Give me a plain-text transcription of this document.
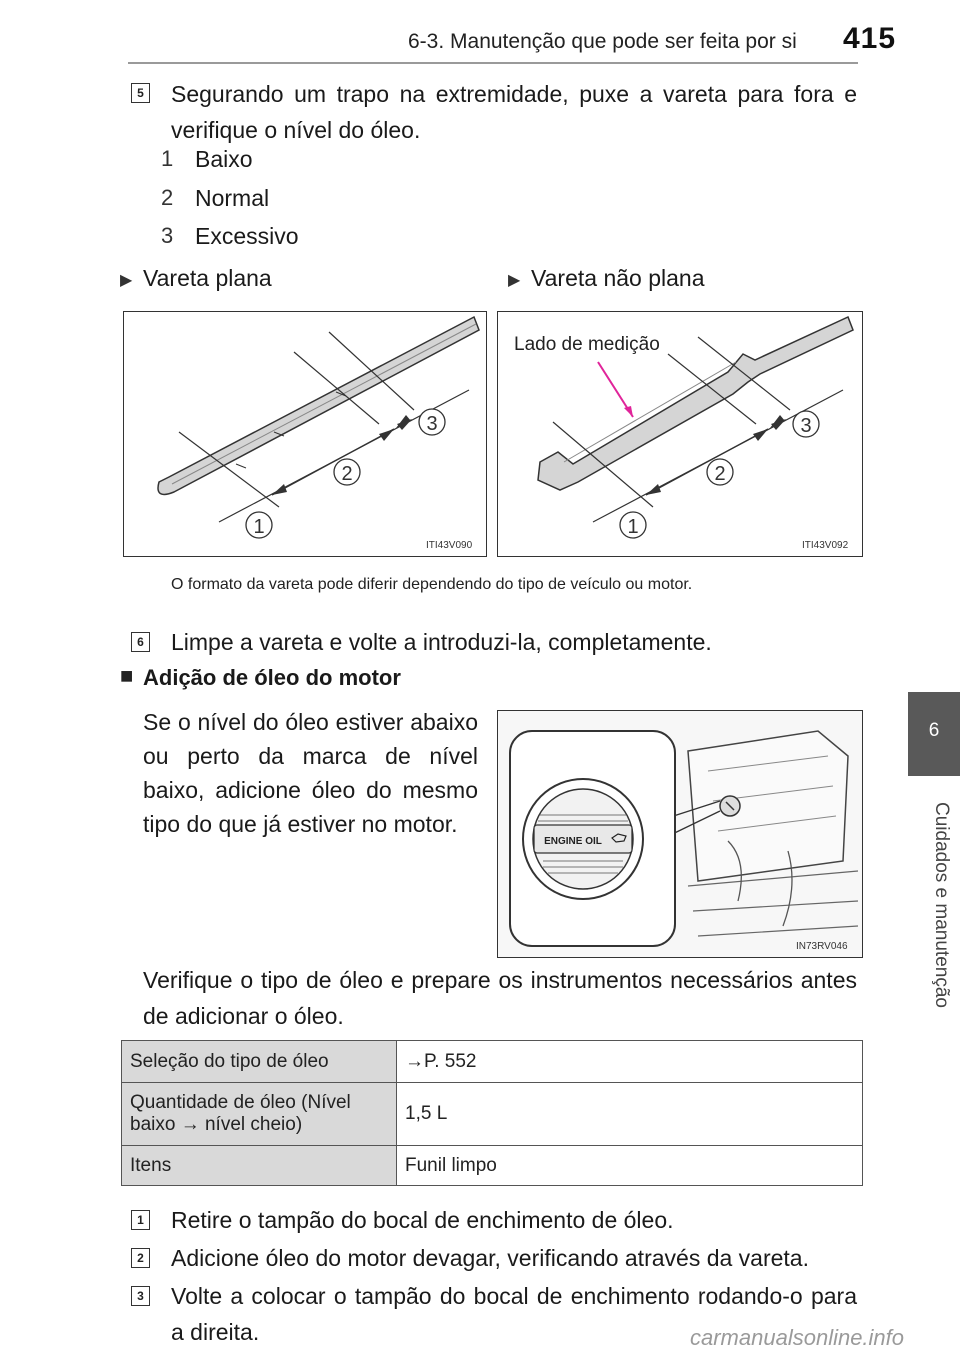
6-3. Manutenção que pode ser feita por si 415
6
Cuidados e manutenção
5 Segurando um trapo na extremidade, puxe a vareta para fora e verifique o nível do óleo.
1 Baixo
2 Normal
3 Excessivo
▶ Vareta plana	▶ Vareta não plana
1
2
3
ITI43V090
1
2
3
Lado de medição
ITI43V092
O formato da vareta pode diferir dependendo do tipo de veículo ou motor.
6 Limpe a vareta e volte a introduzi-la, completamente.
■ Adição de óleo do motor
Se o nível do óleo estiver abaixo ou perto da marca de nível baixo, adicione óleo do mesmo tipo do que já estiver no motor.
ENGINE OIL
IN73RV046
Verifique o tipo de óleo e prepare os instrumentos necessários antes de adicionar o óleo.
Seleção do tipo de óleo	→P. 552
Quantidade de óleo (Nível baixo → nível cheio)	1,5 L
Itens	Funil limpo
1 Retire o tampão do bocal de enchimento de óleo.
2 Adicione óleo do motor devagar, verificando através da vareta.
3 Volte a colocar o tampão do bocal de enchimento rodando-o para a direita.	carmanualsonline.info
